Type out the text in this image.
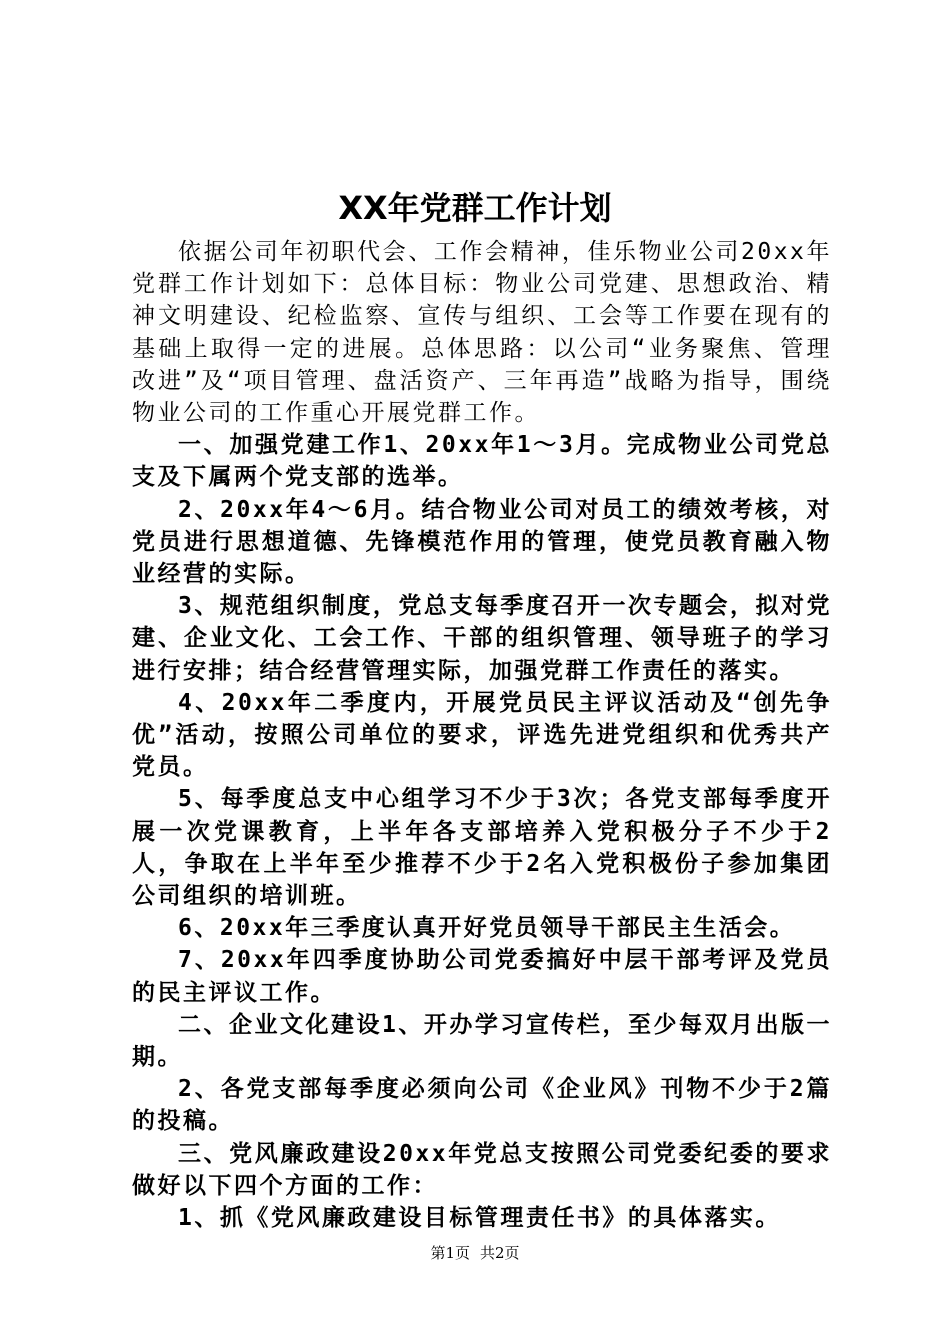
XX年党群工作计划

依据公司年初职代会、工作会精神，佳乐物业公司20xx年党群工作计划如下：总体目标：物业公司党建、思想政治、精神文明建设、纪检监察、宣传与组织、工会等工作要在现有的基础上取得一定的进展。总体思路：以公司“业务聚焦、管理改进”及“项目管理、盘活资产、三年再造”战略为指导，围绕物业公司的工作重心开展党群工作。

一、加强党建工作1、20xx年1～3月。完成物业公司党总支及下属两个党支部的选举。

2、20xx年4～6月。结合物业公司对员工的绩效考核，对党员进行思想道德、先锋模范作用的管理，使党员教育融入物业经营的实际。

3、规范组织制度，党总支每季度召开一次专题会，拟对党建、企业文化、工会工作、干部的组织管理、领导班子的学习进行安排；结合经营管理实际，加强党群工作责任的落实。

4、20xx年二季度内，开展党员民主评议活动及“创先争优”活动，按照公司单位的要求，评选先进党组织和优秀共产党员。

5、每季度总支中心组学习不少于3次；各党支部每季度开展一次党课教育，上半年各支部培养入党积极分子不少于2人，争取在上半年至少推荐不少于2名入党积极份子参加集团公司组织的培训班。

6、20xx年三季度认真开好党员领导干部民主生活会。

7、20xx年四季度协助公司党委搞好中层干部考评及党员的民主评议工作。

二、企业文化建设1、开办学习宣传栏，至少每双月出版一期。

2、各党支部每季度必须向公司《企业风》刊物不少于2篇的投稿。

三、党风廉政建设20xx年党总支按照公司党委纪委的要求做好以下四个方面的工作：

1、抓《党风廉政建设目标管理责任书》的具体落实。

第1页 共2页
